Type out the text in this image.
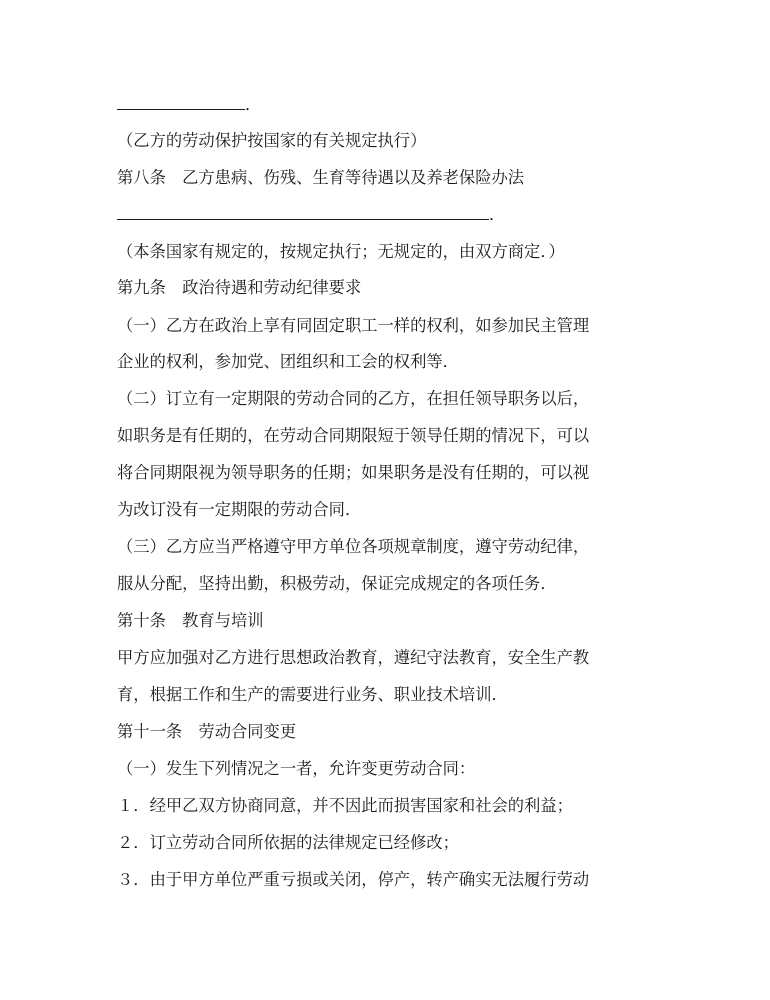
．
（乙方的劳动保护按国家的有关规定执行）
第八条　乙方患病、伤残、生育等待遇以及养老保险办法
．
（本条国家有规定的，按规定执行；无规定的，由双方商定．）
第九条　政治待遇和劳动纪律要求
（一）乙方在政治上享有同固定职工一样的权利，如参加民主管理
企业的权利，参加党、团组织和工会的权利等．
（二）订立有一定期限的劳动合同的乙方，在担任领导职务以后，
如职务是有任期的，在劳动合同期限短于领导任期的情况下，可以
将合同期限视为领导职务的任期；如果职务是没有任期的，可以视
为改订没有一定期限的劳动合同．
（三）乙方应当严格遵守甲方单位各项规章制度，遵守劳动纪律，
服从分配，坚持出勤，积极劳动，保证完成规定的各项任务．
第十条　教育与培训
甲方应加强对乙方进行思想政治教育，遵纪守法教育，安全生产教
育，根据工作和生产的需要进行业务、职业技术培训．
第十一条　劳动合同变更
（一）发生下列情况之一者，允许变更劳动合同：
１．经甲乙双方协商同意，并不因此而损害国家和社会的利益；
２．订立劳动合同所依据的法律规定已经修改；
３．由于甲方单位严重亏损或关闭，停产，转产确实无法履行劳动
